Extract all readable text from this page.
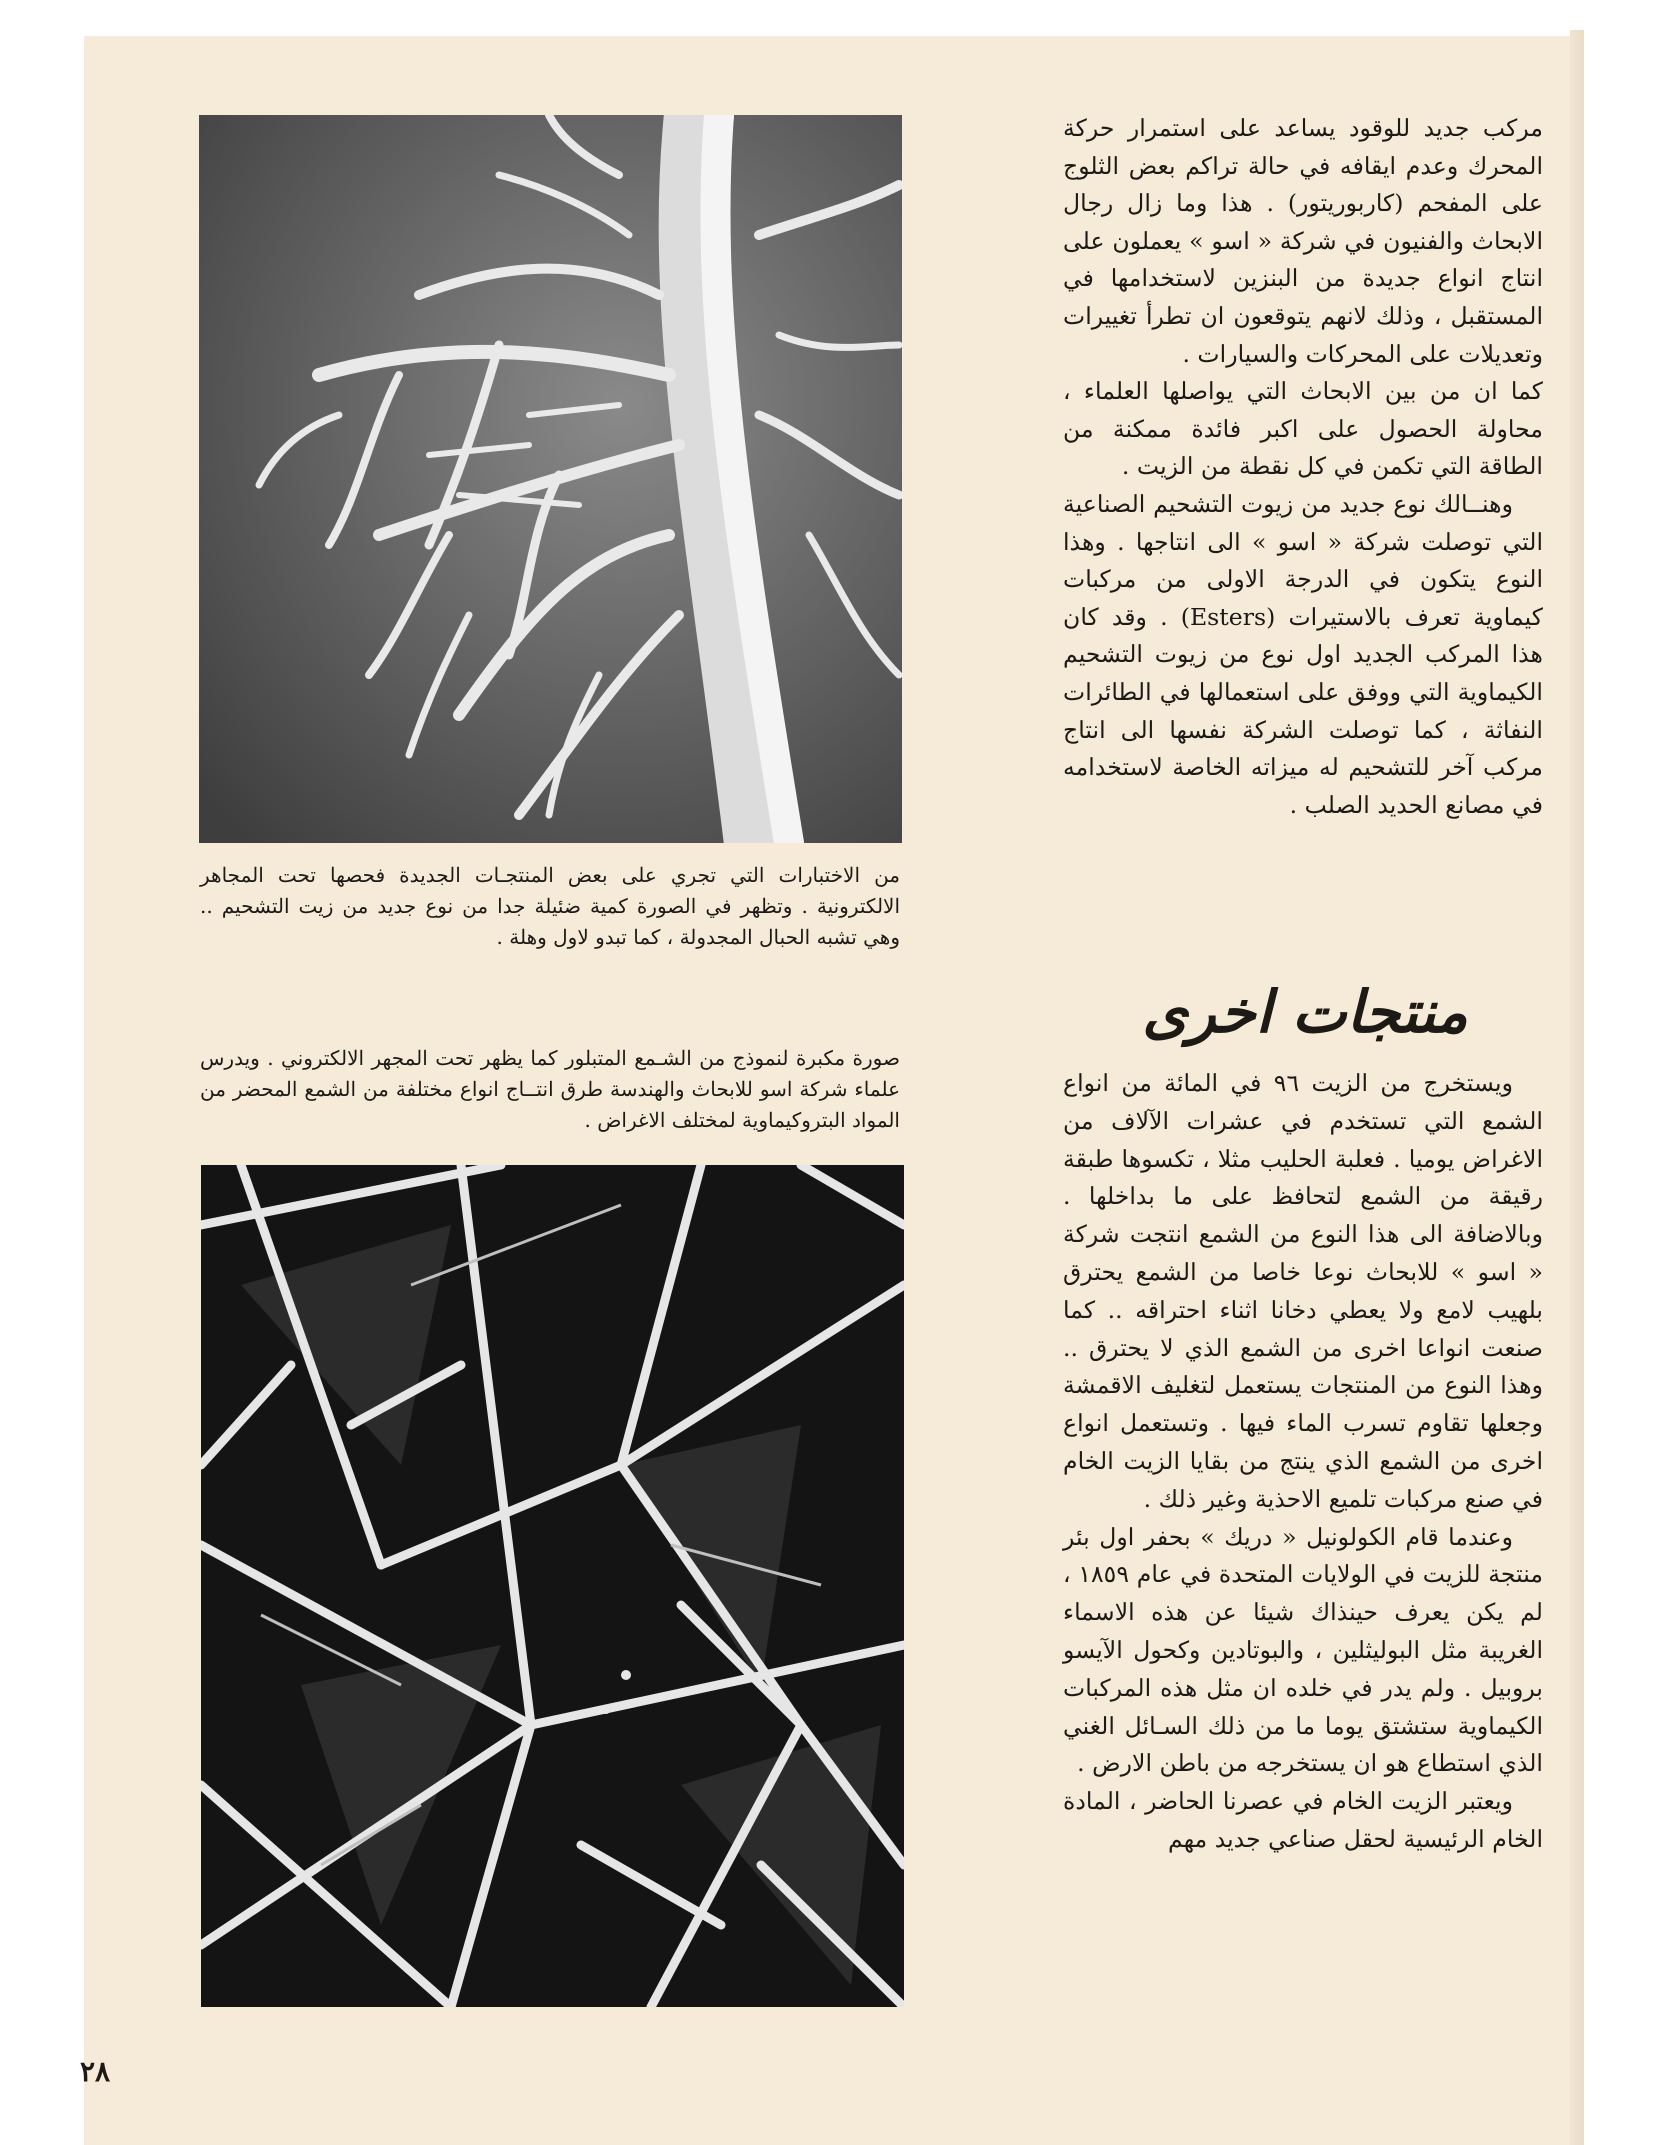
من الاختبارات التي تجري على بعض المنتجـات الجديدة فحصها تحت المجاهر الالكترونية . وتظهر في الصورة كمية ضئيلة جدا من نوع جديد من زيت التشحيم .. وهي تشبه الحبال المجدولة ، كما تبدو لاول وهلة .
صورة مكبرة لنموذج من الشـمع المتبلور كما يظهر تحت المجهر الالكتروني . ويدرس علماء شركة اسو للابحاث والهندسة طرق انتــاج انواع مختلفة من الشمع المحضر من المواد البتروكيماوية لمختلف الاغراض .

مركب جديد للوقود يساعد على استمرار حركة المحرك وعدم ايقافه في حالة تراكم بعض الثلوج على المفحم (كاربوريتور) . هذا وما زال رجال الابحاث والفنيون في شركة « اسو » يعملون على انتاج انواع جديدة من البنزين لاستخدامها في المستقبل ، وذلك لانهم يتوقعون ان تطرأ تغييرات وتعديلات على المحركات والسيارات .

كما ان من بين الابحاث التي يواصلها العلماء ، محاولة الحصول على اكبر فائدة ممكنة من الطاقة التي تكمن في كل نقطة من الزيت .

وهنــالك نوع جديد من زيوت التشحيم الصناعية التي توصلت شركة « اسو » الى انتاجها . وهذا النوع يتكون في الدرجة الاولى من مركبات كيماوية تعرف بالاستيرات (Esters) . وقد كان هذا المركب الجديد اول نوع من زيوت التشحيم الكيماوية التي ووفق على استعمالها في الطائرات النفاثة ، كما توصلت الشركة نفسها الى انتاج مركب آخر للتشحيم له ميزاته الخاصة لاستخدامه في مصانع الحديد الصلب .

منتجات اخرى

ويستخرج من الزيت ٩٦ في المائة من انواع الشمع التي تستخدم في عشرات الآلاف من الاغراض يوميا . فعلبة الحليب مثلا ، تكسوها طبقة رقيقة من الشمع لتحافظ على ما بداخلها . وبالاضافة الى هذا النوع من الشمع انتجت شركة « اسو » للابحاث نوعا خاصا من الشمع يحترق بلهيب لامع ولا يعطي دخانا اثناء احتراقه .. كما صنعت انواعا اخرى من الشمع الذي لا يحترق .. وهذا النوع من المنتجات يستعمل لتغليف الاقمشة وجعلها تقاوم تسرب الماء فيها . وتستعمل انواع اخرى من الشمع الذي ينتج من بقايا الزيت الخام في صنع مركبات تلميع الاحذية وغير ذلك .

وعندما قام الكولونيل « دريك » بحفر اول بئر منتجة للزيت في الولايات المتحدة في عام ١٨٥٩ ، لم يكن يعرف حينذاك شيئا عن هذه الاسماء الغريبة مثل البوليثلين ، والبوتادين وكحول الآيسو بروبيل . ولم يدر في خلده ان مثل هذه المركبات الكيماوية ستشتق يوما ما من ذلك السـائل الغني الذي استطاع هو ان يستخرجه من باطن الارض .

ويعتبر الزيت الخام في عصرنا الحاضر ، المادة الخام الرئيسية لحقل صناعي جديد مهم

٢٨
